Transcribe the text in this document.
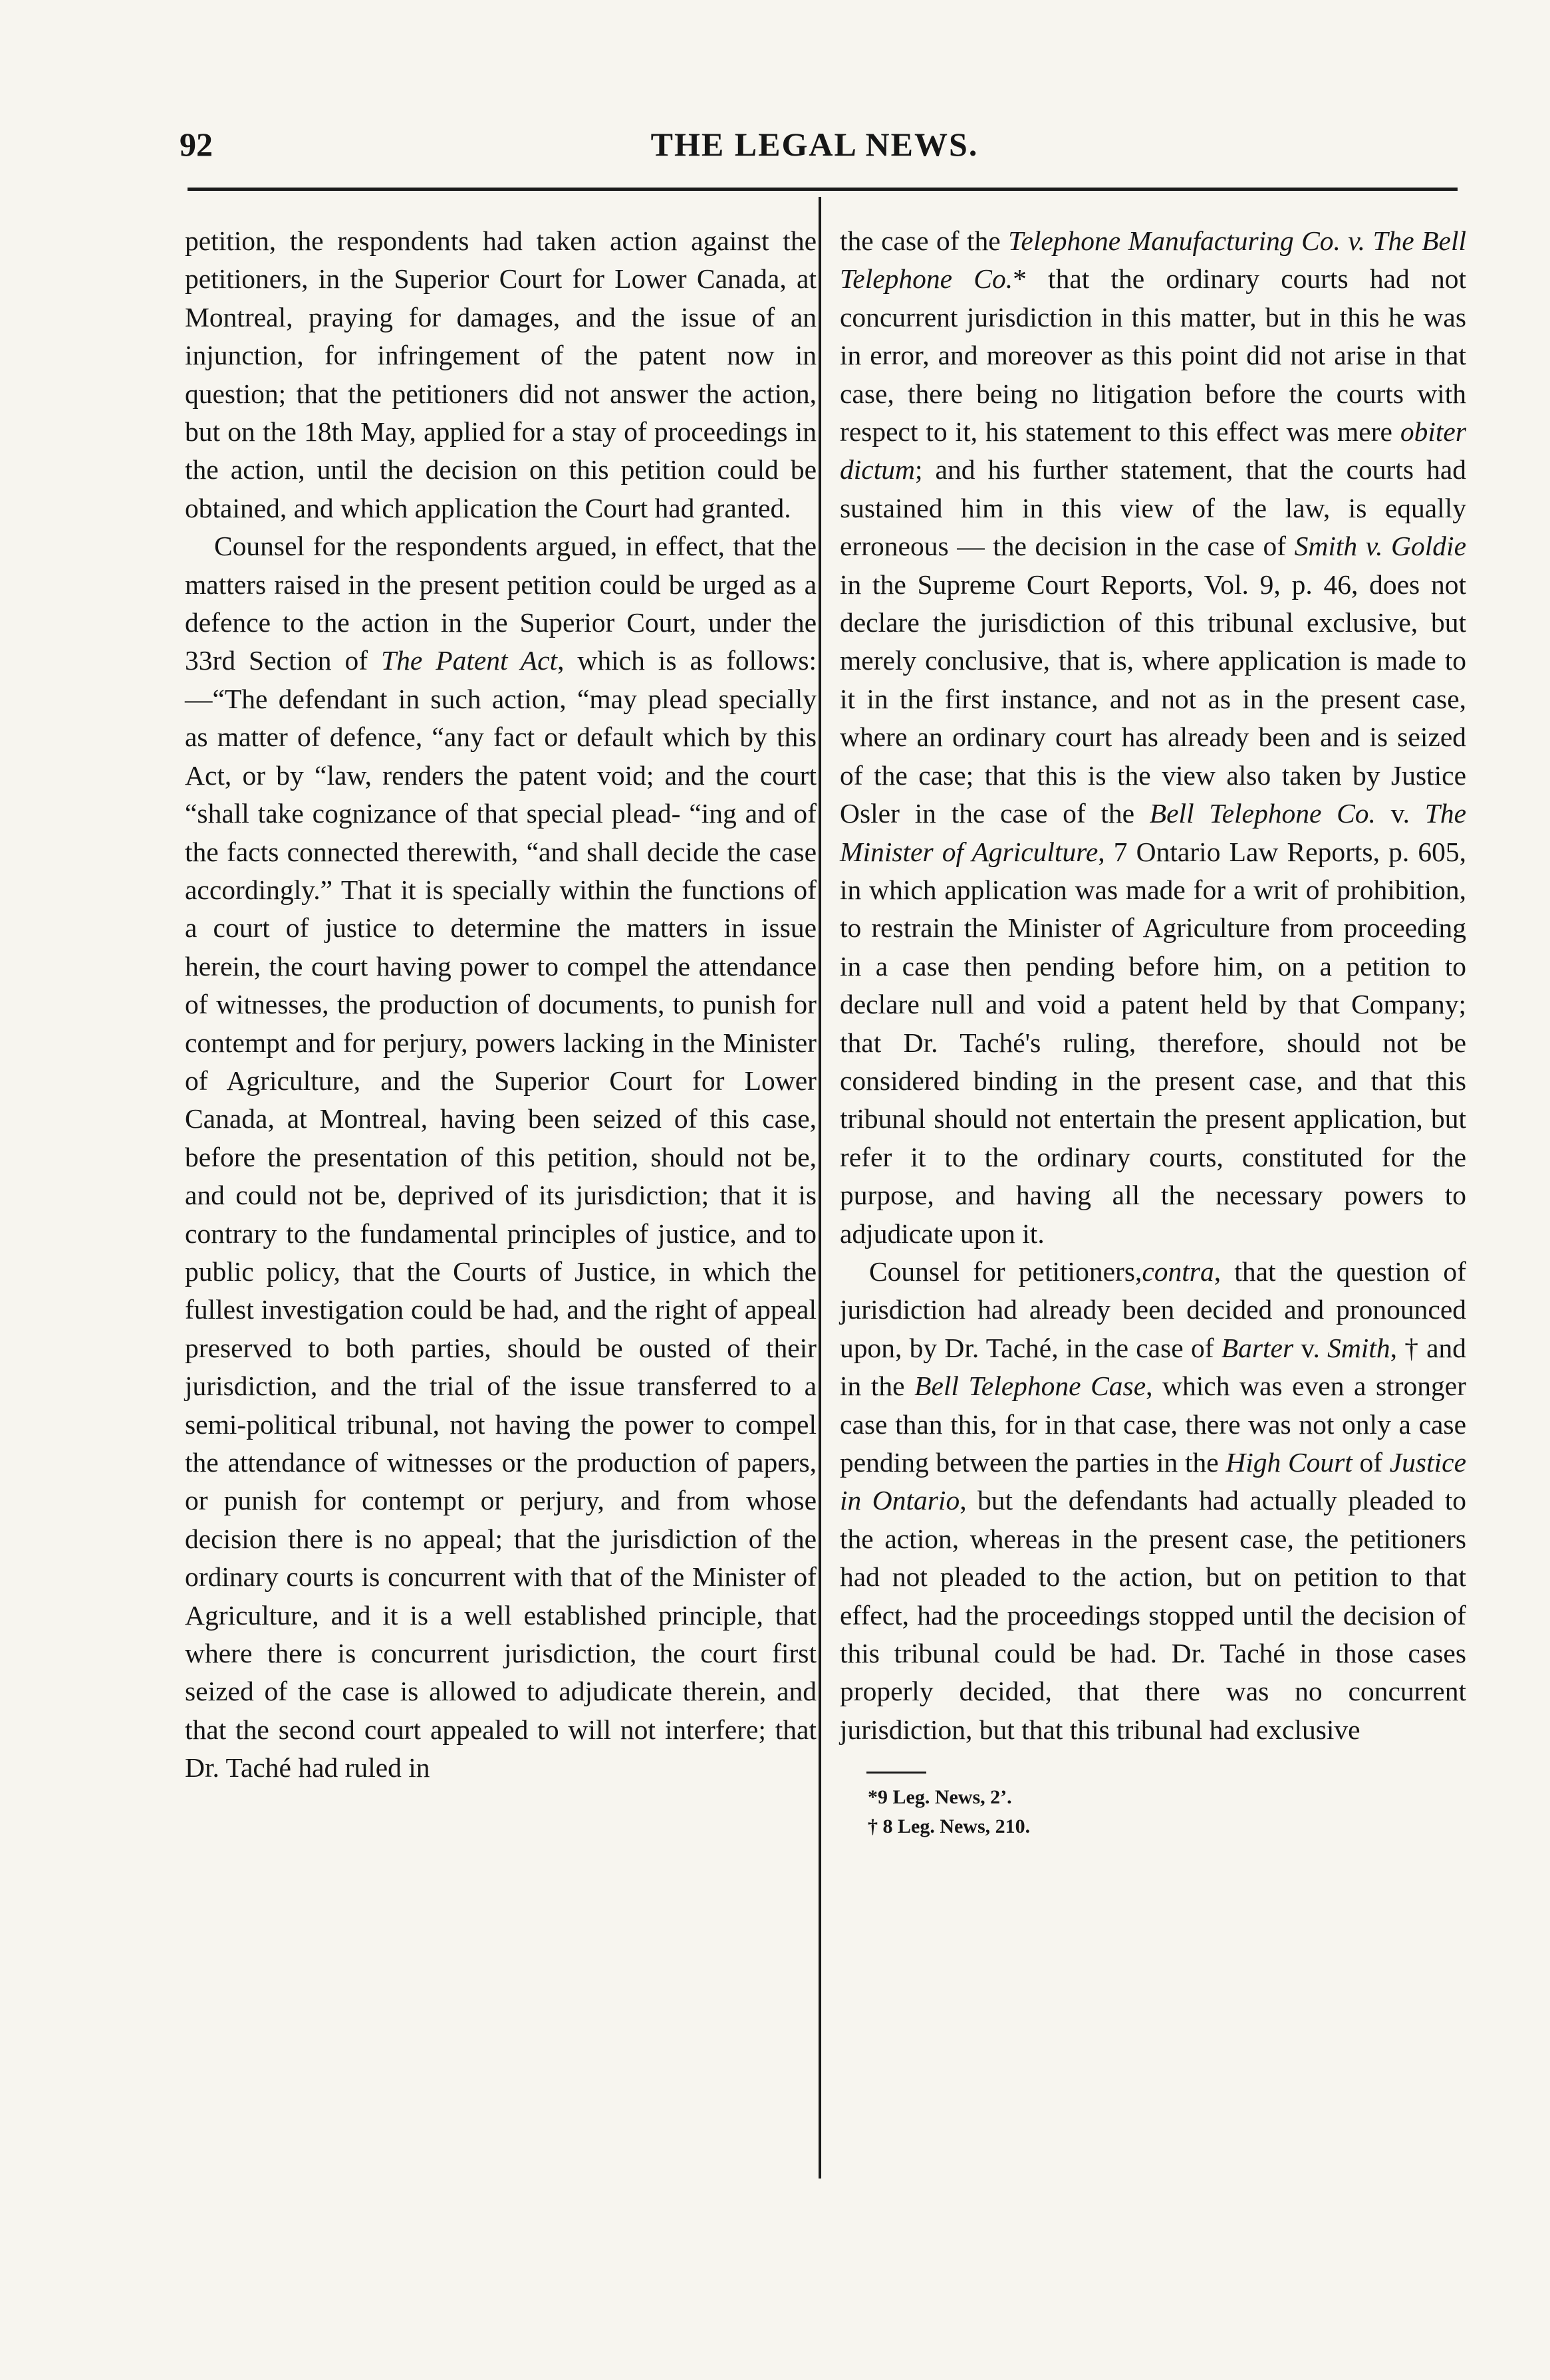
92	THE LEGAL NEWS.

petition, the respondents had taken action against the petitioners, in the Superior Court for Lower Canada, at Montreal, praying for damages, and the issue of an injunction, for infringement of the patent now in question; that the petitioners did not answer the action, but on the 18th May, applied for a stay of proceedings in the action, until the decision on this petition could be obtained, and which application the Court had granted.

Counsel for the respondents argued, in effect, that the matters raised in the present petition could be urged as a defence to the action in the Superior Court, under the 33rd Section of The Patent Act, which is as follows:—“The defendant in such action, “may plead specially as matter of defence, “any fact or default which by this Act, or by “law, renders the patent void; and the court “shall take cognizance of that special plead- “ing and of the facts connected therewith, “and shall decide the case accordingly.” That it is specially within the functions of a court of justice to determine the matters in issue herein, the court having power to compel the attendance of witnesses, the production of documents, to punish for contempt and for perjury, powers lacking in the Minister of Agriculture, and the Superior Court for Lower Canada, at Montreal, having been seized of this case, before the presentation of this petition, should not be, and could not be, deprived of its jurisdiction; that it is contrary to the fundamental principles of justice, and to public policy, that the Courts of Justice, in which the fullest investigation could be had, and the right of appeal preserved to both parties, should be ousted of their jurisdiction, and the trial of the issue transferred to a semi-political tribunal, not having the power to compel the attendance of witnesses or the production of papers, or punish for contempt or perjury, and from whose decision there is no appeal; that the jurisdiction of the ordinary courts is concurrent with that of the Minister of Agriculture, and it is a well established principle, that where there is concurrent jurisdiction, the court first seized of the case is allowed to adjudicate therein, and that the second court appealed to will not interfere; that Dr. Taché had ruled in

the case of the Telephone Manufacturing Co. v. The Bell Telephone Co.* that the ordinary courts had not concurrent jurisdiction in this matter, but in this he was in error, and moreover as this point did not arise in that case, there being no litigation before the courts with respect to it, his statement to this effect was mere obiter dictum; and his further statement, that the courts had sustained him in this view of the law, is equally erroneous — the decision in the case of Smith v. Goldie in the Supreme Court Reports, Vol. 9, p. 46, does not declare the jurisdiction of this tribunal exclusive, but merely conclusive, that is, where application is made to it in the first instance, and not as in the present case, where an ordinary court has already been and is seized of the case; that this is the view also taken by Justice Osler in the case of the Bell Telephone Co. v. The Minister of Agriculture, 7 Ontario Law Reports, p. 605, in which application was made for a writ of prohibition, to restrain the Minister of Agriculture from proceeding in a case then pending before him, on a petition to declare null and void a patent held by that Company; that Dr. Taché's ruling, therefore, should not be considered binding in the present case, and that this tribunal should not entertain the present application, but refer it to the ordinary courts, constituted for the purpose, and having all the necessary powers to adjudicate upon it.

Counsel for petitioners,contra, that the question of jurisdiction had already been decided and pronounced upon, by Dr. Taché, in the case of Barter v. Smith, † and in the Bell Telephone Case, which was even a stronger case than this, for in that case, there was not only a case pending between the parties in the High Court of Justice in Ontario, but the defendants had actually pleaded to the action, whereas in the present case, the petitioners had not pleaded to the action, but on petition to that effect, had the proceedings stopped until the decision of this tribunal could be had. Dr. Taché in those cases properly decided, that there was no concurrent jurisdiction, but that this tribunal had exclusive

*9 Leg. News, 2’.
† 8 Leg. News, 210.
